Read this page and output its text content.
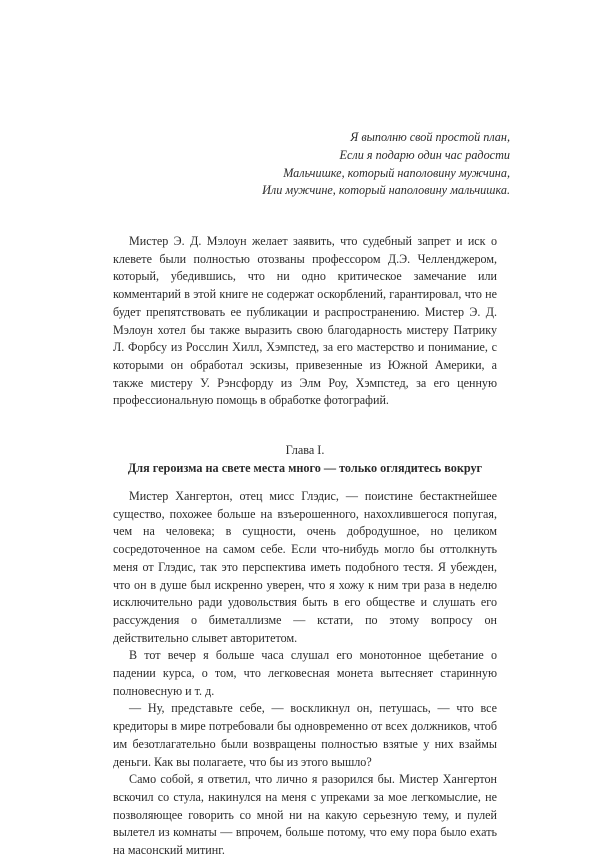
Я выполню свой простой план,
Если я подарю один час радости
Мальчишке, который наполовину мужчина,
Или мужчине, который наполовину мальчишка.

Мистер Э. Д. Мэлоун желает заявить, что судебный запрет и иск о клевете были полностью отозваны профессором Д.Э. Челленджером, который, убедившись, что ни одно критическое замечание или комментарий в этой книге не содержат оскорблений, гарантировал, что не будет препятствовать ее публикации и распространению. Мистер Э. Д. Мэлоун хотел бы также выразить свою благодарность мистеру Патрику Л. Форбсу из Росслин Хилл, Хэмпстед, за его мастерство и понимание, с которыми он обработал эскизы, привезенные из Южной Америки, а также мистеру У. Рэнсфорду из Элм Роу, Хэмпстед, за его ценную профессиональную помощь в обработке фотографий.

Глава I.
Для героизма на свете места много — только оглядитесь вокруг

Мистер Хангертон, отец мисс Глэдис, — поистине бестактнейшее существо, похожее больше на взъерошенного, нахохлившегося попугая, чем на человека; в сущности, очень добродушное, но целиком сосредоточенное на самом себе. Если что-нибудь могло бы оттолкнуть меня от Глэдис, так это перспектива иметь подобного тестя. Я убежден, что он в душе был искренно уверен, что я хожу к ним три раза в неделю исключительно ради удовольствия быть в его обществе и слушать его рассуждения о биметаллизме — кстати, по этому вопросу он действительно слывет авторитетом.

В тот вечер я больше часа слушал его монотонное щебетание о падении курса, о том, что легковесная монета вытесняет старинную полновесную и т. д.

— Ну, представьте себе, — воскликнул он, петушась, — что все кредиторы в мире потребовали бы одновременно от всех должников, чтоб им безотлагательно были возвращены полностью взятые у них взаймы деньги. Как вы полагаете, что бы из этого вышло?

Само собой, я ответил, что лично я разорился бы. Мистер Хангертон вскочил со стула, накинулся на меня с упреками за мое легкомыслие, не позволяющее говорить со мной ни на какую серьезную тему, и пулей вылетел из комнаты — впрочем, больше потому, что ему пора было ехать на масонский митинг.
